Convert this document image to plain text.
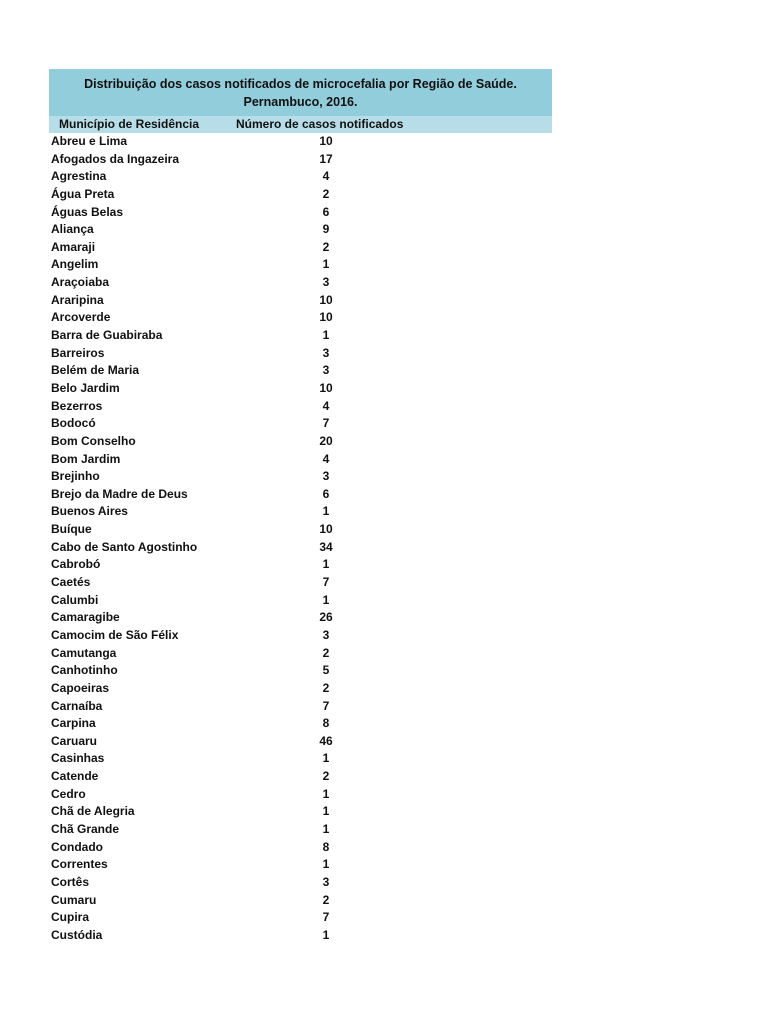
Distribuição dos casos notificados de microcefalia por Região de Saúde.
Pernambuco, 2016.
Município de Residência	Número de casos notificados
Abreu e Lima	10
Afogados da Ingazeira	17
Agrestina	4
Água Preta	2
Águas Belas	6
Aliança	9
Amaraji	2
Angelim	1
Araçoiaba	3
Araripina	10
Arcoverde	10
Barra de Guabiraba	1
Barreiros	3
Belém de Maria	3
Belo Jardim	10
Bezerros	4
Bodocó	7
Bom Conselho	20
Bom Jardim	4
Brejinho	3
Brejo da Madre de Deus	6
Buenos Aires	1
Buíque	10
Cabo de Santo Agostinho	34
Cabrobó	1
Caetés	7
Calumbi	1
Camaragibe	26
Camocim de São Félix	3
Camutanga	2
Canhotinho	5
Capoeiras	2
Carnaíba	7
Carpina	8
Caruaru	46
Casinhas	1
Catende	2
Cedro	1
Chã de Alegria	1
Chã Grande	1
Condado	8
Correntes	1
Cortês	3
Cumaru	2
Cupira	7
Custódia	1
